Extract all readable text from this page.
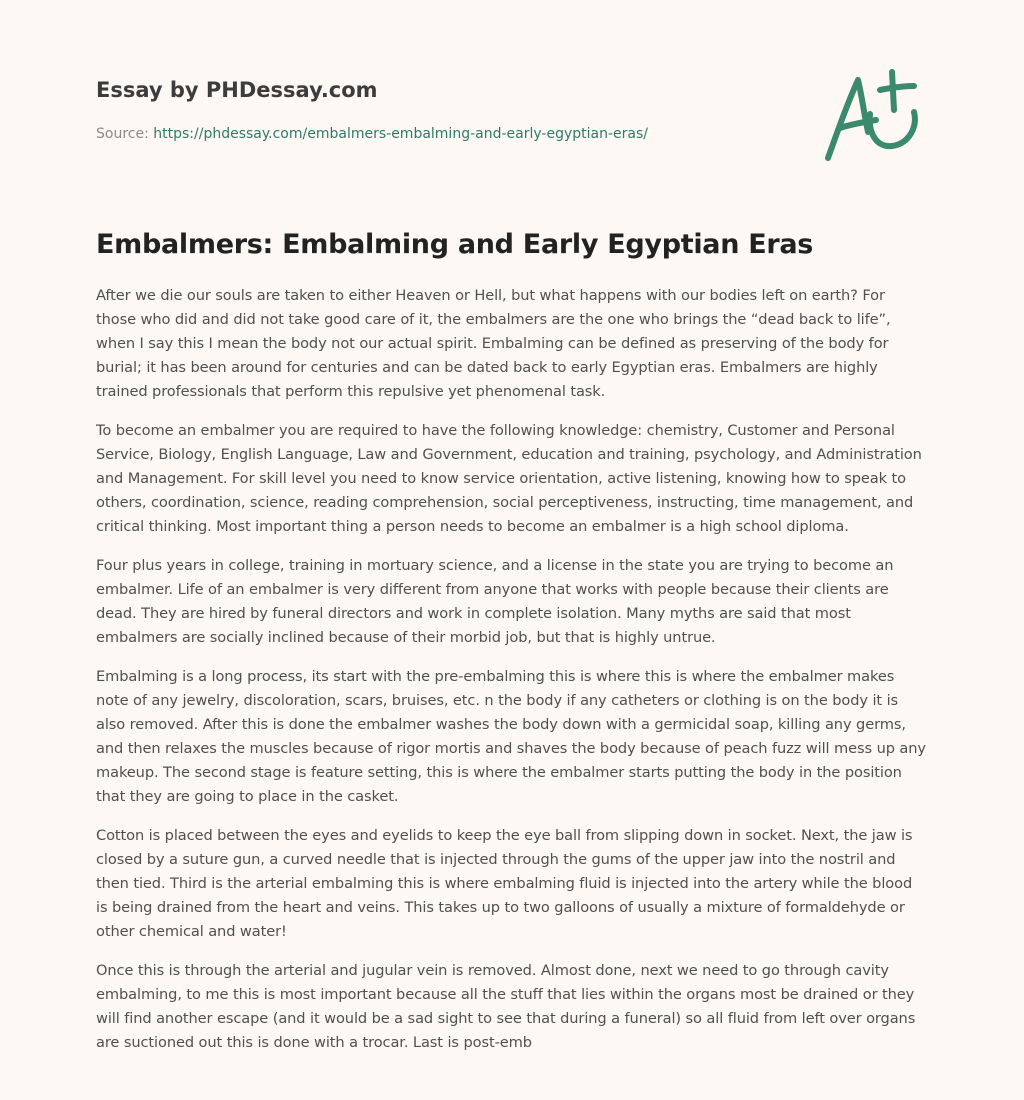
Essay by PHDessay.com
Source: https://phdessay.com/embalmers-embalming-and-early-egyptian-eras/
Embalmers: Embalming and Early Egyptian Eras

After we die our souls are taken to either Heaven or Hell, but what happens with our bodies left on earth? For those who did and did not take good care of it, the embalmers are the one who brings the “dead back to life”, when I say this I mean the body not our actual spirit. Embalming can be defined as preserving of the body for burial; it has been around for centuries and can be dated back to early Egyptian eras. Embalmers are highly trained professionals that perform this repulsive yet phenomenal task.

To become an embalmer you are required to have the following knowledge: chemistry, Customer and Personal Service, Biology, English Language, Law and Government, education and training, psychology, and Administration and Management. For skill level you need to know service orientation, active listening, knowing how to speak to others, coordination, science, reading comprehension, social perceptiveness, instructing, time management, and critical thinking. Most important thing a person needs to become an embalmer is a high school diploma.

Four plus years in college, training in mortuary science, and a license in the state you are trying to become an embalmer. Life of an embalmer is very different from anyone that works with people because their clients are dead. They are hired by funeral directors and work in complete isolation. Many myths are said that most embalmers are socially inclined because of their morbid job, but that is highly untrue.

Embalming is a long process, its start with the pre-embalming this is where this is where the embalmer makes note of any jewelry, discoloration, scars, bruises, etc. n the body if any catheters or clothing is on the body it is also removed. After this is done the embalmer washes the body down with a germicidal soap, killing any germs, and then relaxes the muscles because of rigor mortis and shaves the body because of peach fuzz will mess up any makeup. The second stage is feature setting, this is where the embalmer starts putting the body in the position that they are going to place in the casket.

Cotton is placed between the eyes and eyelids to keep the eye ball from slipping down in socket. Next, the jaw is closed by a suture gun, a curved needle that is injected through the gums of the upper jaw into the nostril and then tied. Third is the arterial embalming this is where embalming fluid is injected into the artery while the blood is being drained from the heart and veins. This takes up to two galloons of usually a mixture of formaldehyde or other chemical and water!

Once this is through the arterial and jugular vein is removed. Almost done, next we need to go through cavity embalming, to me this is most important because all the stuff that lies within the organs most be drained or they will find another escape (and it would be a sad sight to see that during a funeral) so all fluid from left over organs are suctioned out this is done with a trocar. Last is post-emb
